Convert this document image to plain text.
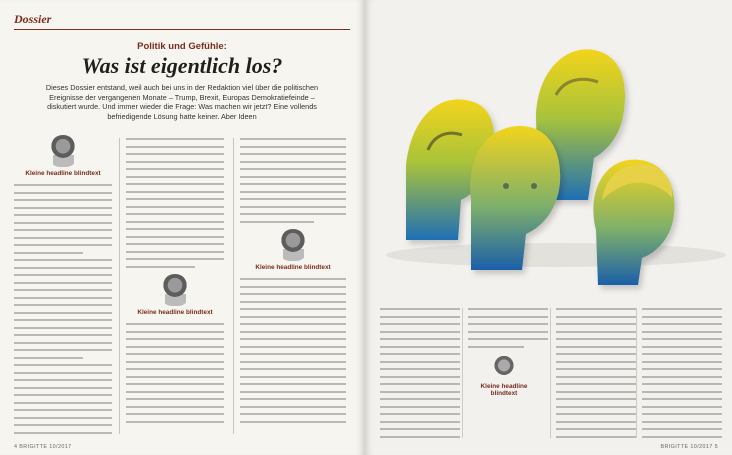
Dossier
Politik und Gefühle:
Was ist eigentlich los?
Dieses Dossier entstand, weil auch bei uns in der Redaktion viel über die politischen Ereignisse der vergangenen Monate – Trump, Brexit, Europas Demokratiefeinde – diskutiert wurde. Und immer wieder die Frage: Was machen wir jetzt? Eine vollends befriedigende Lösung hatte keiner. Aber Ideen
Kleine headline blindtext
Kleine headline blindtext
Kleine headline blindtext
4 BRIGITTE 10/2017
Kleine headline blindtext
BRIGITTE 10/2017 5
